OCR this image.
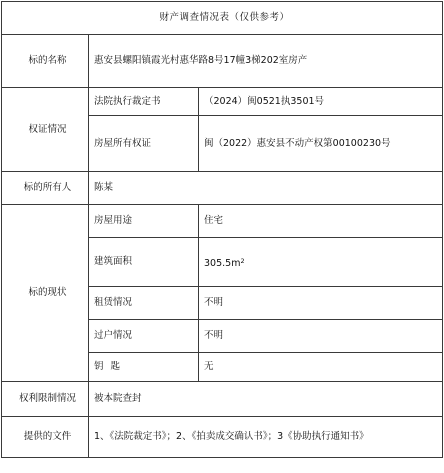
财产调查情况表（仅供参考）		
标的名称	惠安县螺阳镇霞光村惠华路8号17幢3梯202室房产	
权证情况	法院执行裁定书	（2024）闽0521执3501号
	房屋所有权证	闽（2022）惠安县不动产权第00100230号
标的所有人	陈某	
标的现状	房屋用途	住宅
	建筑面积	$305.5m^2$
	租赁情况	不明
	过户情况	不明
	钥匙	无
权利限制情况	被本院查封	
提供的文件	1、《法院裁定书》；2、《拍卖成交确认书》；3《协助执行通知书》	
